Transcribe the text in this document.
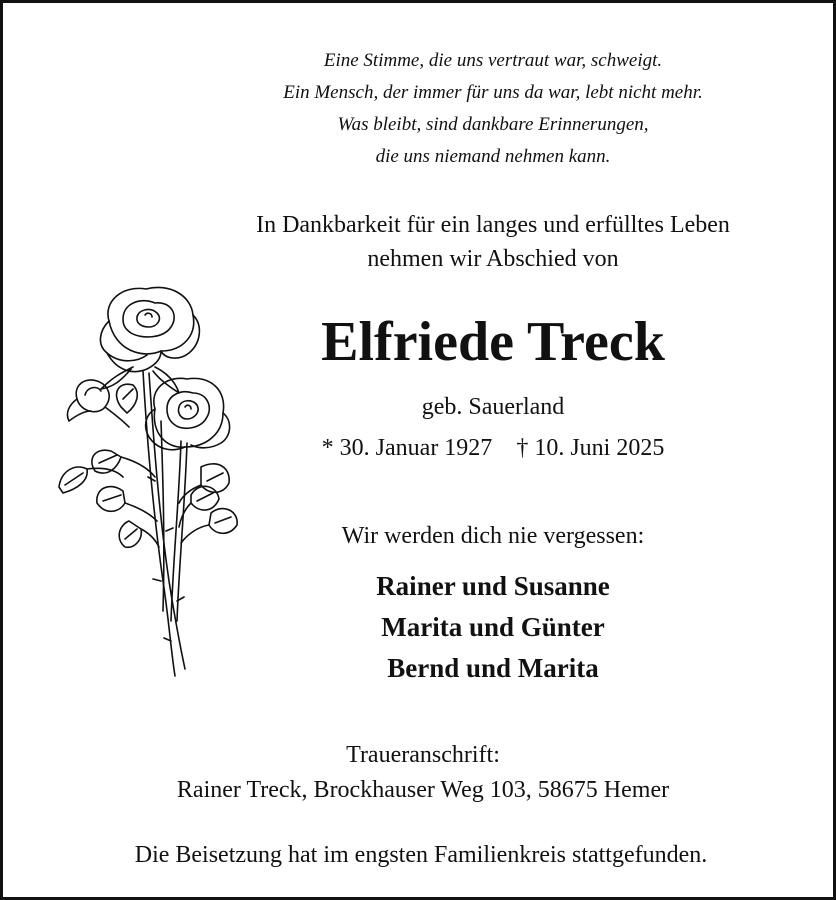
Eine Stimme, die uns vertraut war, schweigt.
Ein Mensch, der immer für uns da war, lebt nicht mehr.
Was bleibt, sind dankbare Erinnerungen,
die uns niemand nehmen kann.
In Dankbarkeit für ein langes und erfülltes Leben
nehmen wir Abschied von
Elfriede Treck
geb. Sauerland
* 30. Januar 1927 † 10. Juni 2025
Wir werden dich nie vergessen:
Rainer und Susanne
Marita und Günter
Bernd und Marita
Traueranschrift:
Rainer Treck, Brockhauser Weg 103, 58675 Hemer
Die Beisetzung hat im engsten Familienkreis stattgefunden.
